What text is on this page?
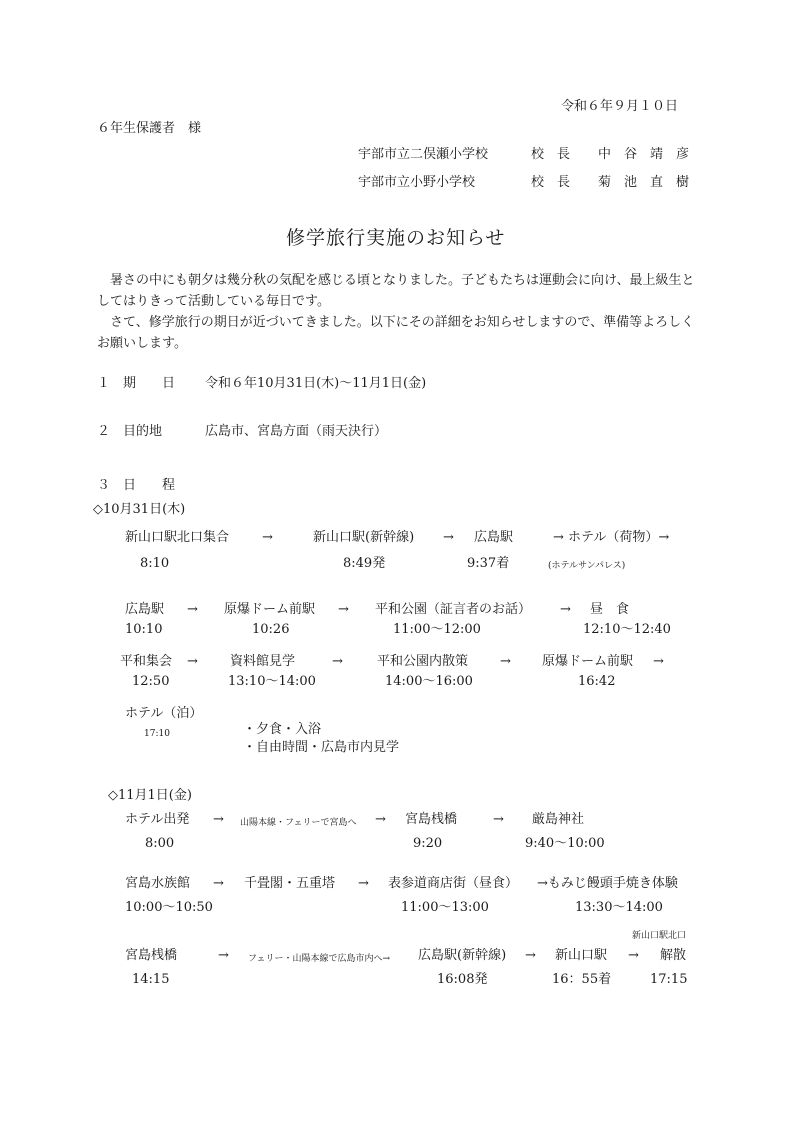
令和６年９月１０日
６年生保護者　様
宇部市立二俣瀬小学校	校　長 中　谷　靖　彦
宇部市立小野小学校	校　長 菊　池　直　樹
修学旅行実施のお知らせ
　暑さの中にも朝夕は幾分秋の気配を感じる頃となりました。子どもたちは運動会に向け、最上級生としてはりきって活動している毎日です。
　さて、修学旅行の期日が近づいてきました。以下にその詳細をお知らせしますので、準備等よろしくお願いします。
１　期　　日 令和６年10月31日(木)～11月1日(金)
２　目的地	広島市、宮島方面（雨天決行）
３　日　　程
◇10月31日(木)
新山口駅北口集合	→	新山口駅(新幹線) → 広島駅	→ ホテル（荷物）→
8:10	8:49発	9:37着	(ホテルサンパレス)
広島駅 → 原爆ドーム前駅 → 平和公園（証言者のお話） → 昼　食
10:10	10:26	11:00～12:00	12:10～12:40
平和集会 → 資料館見学	→	平和公園内散策 → 原爆ドーム前駅 →
12:50	13:10～14:00	14:00～16:00	16:42
ホテル（泊）
17:10	・夕食・入浴
・自由時間・広島市内見学
◇11月1日(金)
ホテル出発 → 山陽本線・フェリーで宮島へ → 宮島桟橋	→ 厳島神社
8:00	9:20	9:40～10:00
宮島水族館 → 千畳閣・五重塔 → 表参道商店街（昼食） →もみじ饅頭手焼き体験
10:00～10:50	11:00～13:00	13:30～14:00
新山口駅北口
宮島桟橋	→ フェリー・山陽本線で広島市内へ→ 広島駅(新幹線) → 新山口駅 → 解散
14:15	16:08発	16：55着	17:15
